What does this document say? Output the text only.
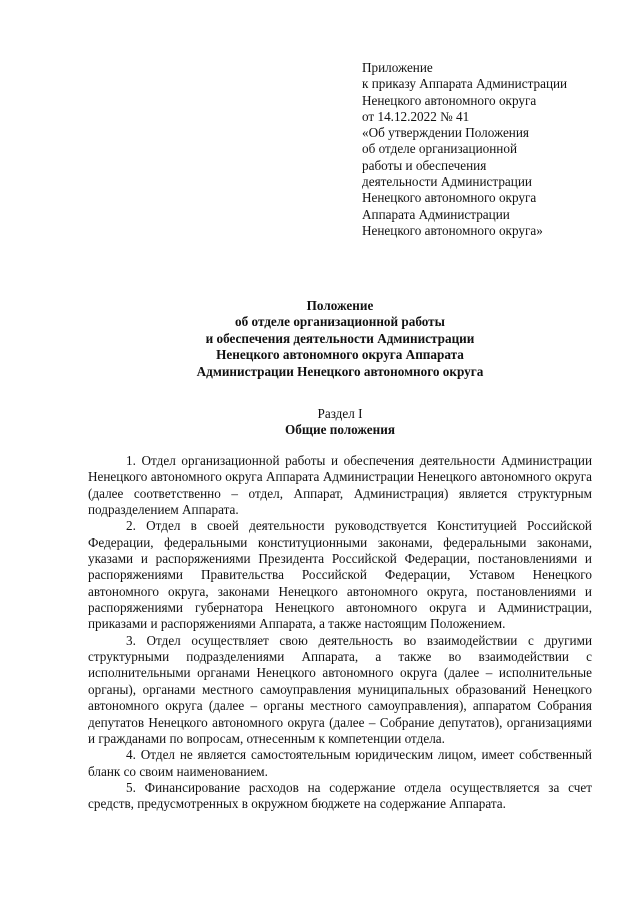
Приложение
к приказу Аппарата Администрации
Ненецкого автономного округа
от 14.12.2022 № 41
«Об утверждении Положения
об отделе организационной
работы и обеспечения
деятельности Администрации
Ненецкого автономного округа
Аппарата Администрации
Ненецкого автономного округа»
Положение
об отделе организационной работы
и обеспечения деятельности Администрации
Ненецкого автономного округа Аппарата
Администрации Ненецкого автономного округа
Раздел I
Общие положения

1. Отдел организационной работы и обеспечения деятельности Администрации Ненецкого автономного округа Аппарата Администрации Ненецкого автономного округа (далее соответственно – отдел, Аппарат, Администрация) является структурным подразделением Аппарата.

2. Отдел в своей деятельности руководствуется Конституцией Российской Федерации, федеральными конституционными законами, федеральными законами, указами и распоряжениями Президента Российской Федерации, постановлениями и распоряжениями Правительства Российской Федерации, Уставом Ненецкого автономного округа, законами Ненецкого автономного округа, постановлениями и распоряжениями губернатора Ненецкого автономного округа и Администрации, приказами и распоряжениями Аппарата, а также настоящим Положением.

3. Отдел осуществляет свою деятельность во взаимодействии с другими структурными подразделениями Аппарата, а также во взаимодействии с исполнительными органами Ненецкого автономного округа (далее – исполнительные органы), органами местного самоуправления муниципальных образований Ненецкого автономного округа (далее – органы местного самоуправления), аппаратом Собрания депутатов Ненецкого автономного округа (далее – Собрание депутатов), организациями и гражданами по вопросам, отнесенным к компетенции отдела.

4. Отдел не является самостоятельным юридическим лицом, имеет собственный бланк со своим наименованием.

5. Финансирование расходов на содержание отдела осуществляется за счет средств, предусмотренных в окружном бюджете на содержание Аппарата.
